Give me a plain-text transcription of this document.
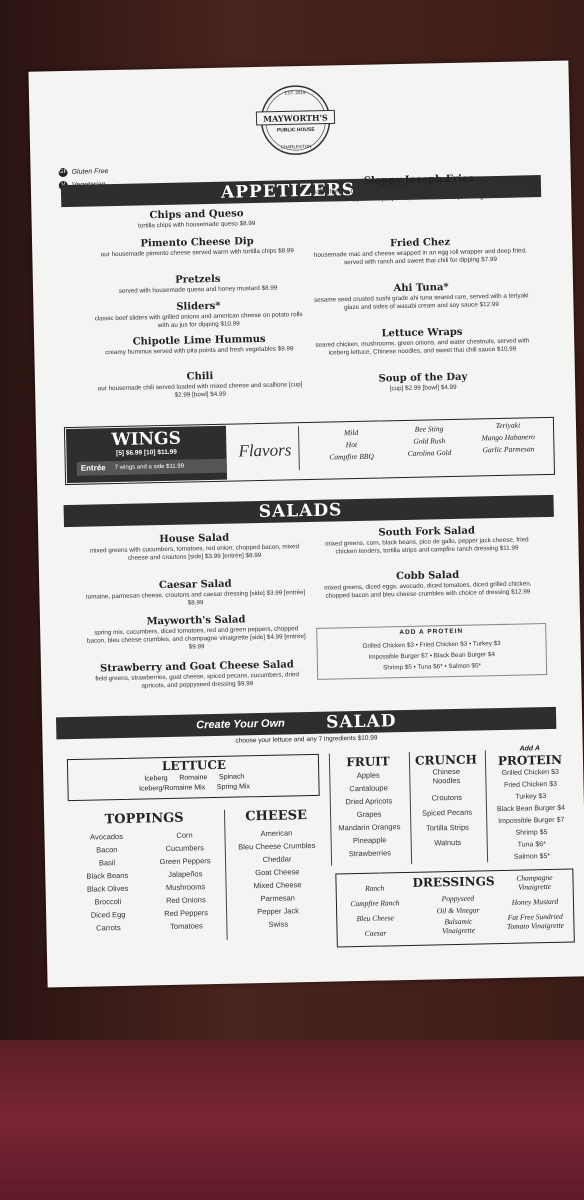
EST. 2019
MAYWORTH'S
PUBLIC HOUSE
CHARLESTON
GF Gluten Free
APPETIZERS
Chips and Queso
tortilla chips with housemade queso $8.99
Pimento Cheese Dip
our housemade pimento cheese served warm with tortilla chips $8.99
Pretzels
served with housemade queso and honey mustard $8.99
Sliders*
classic beef sliders with grilled onions and american cheese on potato rolls with au jus for dipping $10.99
Chipotle Lime Hummus
creamy hummus served with pita points and fresh vegetables $9.99
Chili
our housemade chili served loaded with mixed cheese and scallions [cup] $2.99 [bowl] $4.99
Sloppy Joseph Fries
waffle fries or tater tots smothered with our housemade sloppy joe and queso cheese, topped with jalapeños, sour cream and pico de gallo $10.99
Fried Chez
housemade mac and cheese wrapped in an egg roll wrapper and deep fried, served with ranch and sweet thai chili for dipping $7.99
Ahi Tuna*
sesame seed crusted sushi grade ahi tuna seared rare, served with a teriyaki glaze and sides of wasabi cream and soy sauce $12.99
Lettuce Wraps
seared chicken, mushrooms, green onions, and water chestnuts, served with iceberg lettuce, Chinese noodles, and sweet thai chili sauce $10.99
Soup of the Day
[cup] $2.99 [bowl] $4.99
WINGS
[5] $6.99 [10] $11.99
Entrée 7 wings and a side $11.99
Flavors
Mild
Hot
Campfire BBQ
Bee Sting
Gold Rush
Carolina Gold
Teriyaki
Mango Habanero
Garlic Parmesan
SALADS
House Salad
mixed greens with cucumbers, tomatoes, red onion, chopped bacon, mixed cheese and croutons [side] $3.99 [entrée] $8.99
Caesar Salad
romaine, parmesan cheese, croutons and caesar dressing [side] $3.99 [entrée] $8.99
Mayworth's Salad
spring mix, cucumbers, diced tomatoes, red and green peppers, chopped bacon, bleu cheese crumbles, and champagne vinaigrette [side] $4.99 [entrée] $9.99
Strawberry and Goat Cheese Salad
field greens, strawberries, goat cheese, spiced pecans, cucumbers, dried apricots, and poppyseed dressing $9.99
South Fork Salad
mixed greens, corn, black beans, pico de gallo, pepper jack cheese, fried chicken tenders, tortilla strips and campfire ranch dressing $11.99
Cobb Salad
mixed greens, diced eggs, avocado, diced tomatoes, diced grilled chicken, chopped bacon and bleu cheese crumbles with choice of dressing $12.99
ADD A PROTEIN
Grilled Chicken $3 • Fried Chicken $3 • Turkey $3
Impossible Burger $7 • Black Bean Burger $4
Shrimp $5 • Tuna $6* • Salmon $5*
Create Your Own SALAD
choose your lettuce and any 7 ingredients $10.99
LETTUCE
Iceberg Romaine Spinach
Iceberg/Romaine Mix Spring Mix
TOPPINGS
Avocados
Bacon
Basil
Black Beans
Black Olives
Broccoli
Diced Egg
Carrots
Corn
Cucumbers
Green Peppers
Jalapeños
Mushrooms
Red Onions
Red Peppers
Tomatoes
CHEESE
American
Bleu Cheese Crumbles
Cheddar
Goat Cheese
Mixed Cheese
Parmesan
Pepper Jack
Swiss
FRUIT
Apples
Cantaloupe
Dried Apricots
Grapes
Mandarin Oranges
Pineapple
Strawberries
CRUNCH
Chinese Noodles
Croutons
Spiced Pecans
Tortilla Strips
Walnuts
Add A
PROTEIN
Grilled Chicken $3
Fried Chicken $3
Turkey $3
Black Bean Burger $4
Impossible Burger $7
Shrimp $5
Tuna $6*
Salmon $5*
DRESSINGS
Ranch
Campfire Ranch
Bleu Cheese
Caesar
Poppyseed
Oil & Vinegar
Balsamic Vinaigrette
Champagne Vinaigrette
Honey Mustard
Fat Free Sundried Tomato Vinaigrette
